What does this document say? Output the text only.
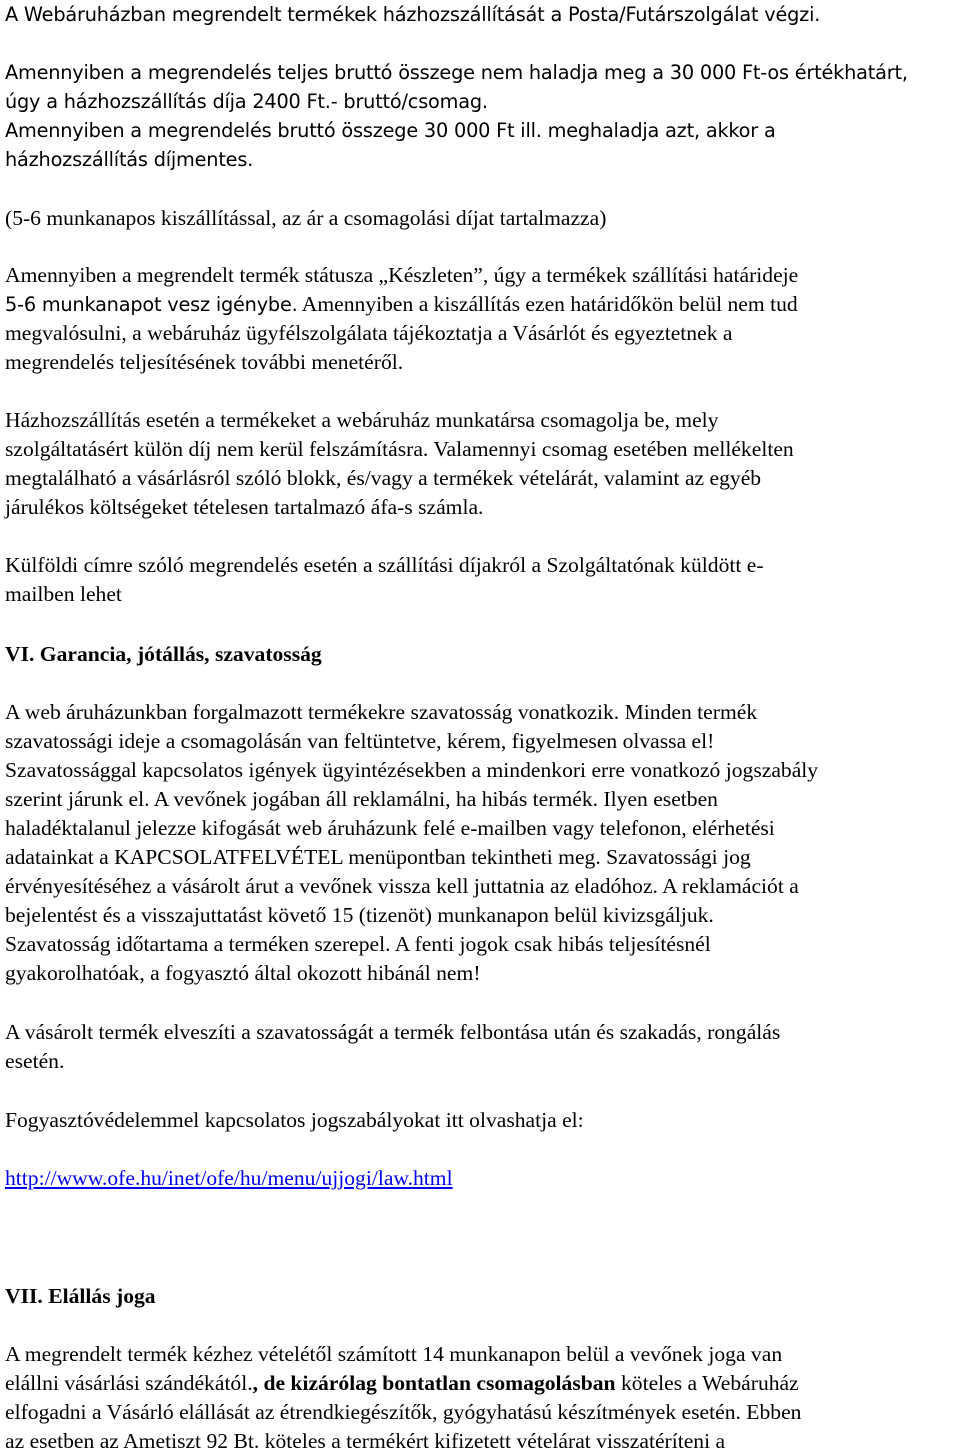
A Webáruházban megrendelt termékek házhozszállítását a Posta/Futárszolgálat végzi.
Amennyiben a megrendelés teljes bruttó összege nem haladja meg a 30 000 Ft-os értékhatárt,
úgy a házhozszállítás díja 2400 Ft.- bruttó/csomag.
Amennyiben a megrendelés bruttó összege 30 000 Ft ill. meghaladja azt, akkor a
házhozszállítás díjmentes.
(5-6 munkanapos kiszállítással, az ár a csomagolási díjat tartalmazza)
Amennyiben a megrendelt termék státusza „Készleten”, úgy a termékek szállítási határideje
5-6 munkanapot vesz igénybe. Amennyiben a kiszállítás ezen határidőkön belül nem tud
megvalósulni, a webáruház ügyfélszolgálata tájékoztatja a Vásárlót és egyeztetnek a
megrendelés teljesítésének további menetéről.
Házhozszállítás esetén a termékeket a webáruház munkatársa csomagolja be, mely
szolgáltatásért külön díj nem kerül felszámításra. Valamennyi csomag esetében mellékelten
megtalálható a vásárlásról szóló blokk, és/vagy a termékek vételárát, valamint az egyéb
járulékos költségeket tételesen tartalmazó áfa-s számla.
Külföldi címre szóló megrendelés esetén a szállítási díjakról a Szolgáltatónak küldött e-
mailben lehet
VI. Garancia, jótállás, szavatosság
A web áruházunkban forgalmazott termékekre szavatosság vonatkozik. Minden termék
szavatossági ideje a csomagolásán van feltüntetve, kérem, figyelmesen olvassa el!
Szavatossággal kapcsolatos igények ügyintézésekben a mindenkori erre vonatkozó jogszabály
szerint járunk el. A vevőnek jogában áll reklamálni, ha hibás termék. Ilyen esetben
haladéktalanul jelezze kifogását web áruházunk felé e-mailben vagy telefonon, elérhetési
adatainkat a KAPCSOLATFELVÉTEL menüpontban tekintheti meg. Szavatossági jog
érvényesítéséhez a vásárolt árut a vevőnek vissza kell juttatnia az eladóhoz. A reklamációt a
bejelentést és a visszajuttatást követő 15 (tizenöt) munkanapon belül kivizsgáljuk.
Szavatosság időtartama a terméken szerepel. A fenti jogok csak hibás teljesítésnél
gyakorolhatóak, a fogyasztó által okozott hibánál nem!
A vásárolt termék elveszíti a szavatosságát a termék felbontása után és szakadás, rongálás
esetén.
Fogyasztóvédelemmel kapcsolatos jogszabályokat itt olvashatja el:
http://www.ofe.hu/inet/ofe/hu/menu/ujjogi/law.html
VII. Elállás joga
A megrendelt termék kézhez vételétől számított 14 munkanapon belül a vevőnek joga van
elállni vásárlási szándékától., de kizárólag bontatlan csomagolásban köteles a Webáruház
elfogadni a Vásárló elállását az étrendkiegészítők, gyógyhatású készítmények esetén. Ebben
az esetben az Ametiszt 92 Bt. köteles a termékért kifizetett vételárat visszatéríteni a
